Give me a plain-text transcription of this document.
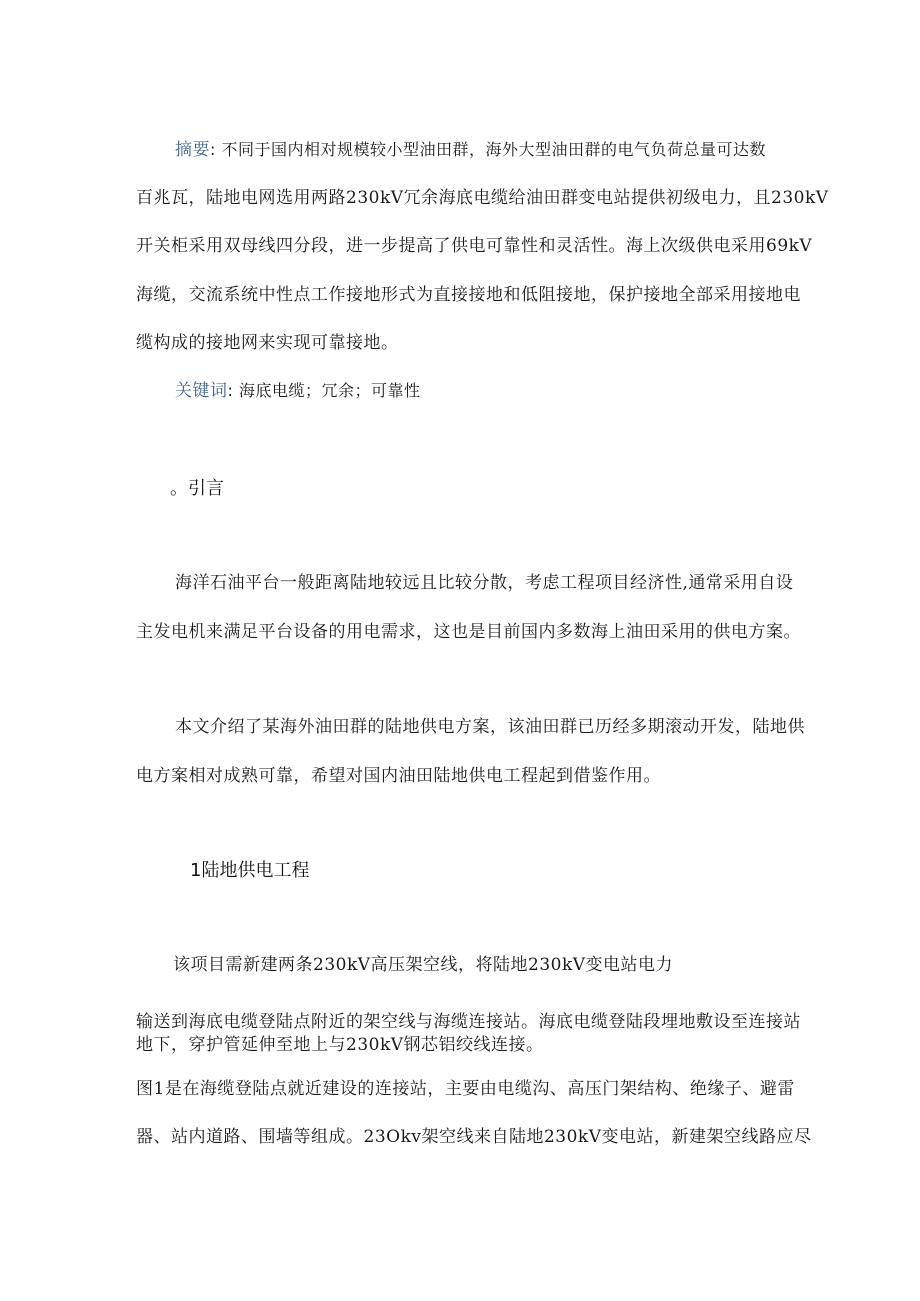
摘要: 不同于国内相对规模较小型油田群，海外大型油田群的电气负荷总量可达数
百兆瓦，陆地电网选用两路230kV冗余海底电缆给油田群变电站提供初级电力，且230kV
开关柜采用双母线四分段，进一步提高了供电可靠性和灵活性。海上次级供电采用69kV
海缆，交流系统中性点工作接地形式为直接接地和低阻接地，保护接地全部采用接地电
缆构成的接地网来实现可靠接地。
关键词: 海底电缆；冗余；可靠性
。引言
海洋石油平台一般距离陆地较远且比较分散，考虑工程项目经济性,通常采用自设
主发电机来满足平台设备的用电需求，这也是目前国内多数海上油田采用的供电方案。
本文介绍了某海外油田群的陆地供电方案，该油田群已历经多期滚动开发，陆地供
电方案相对成熟可靠，希望对国内油田陆地供电工程起到借鉴作用。
1陆地供电工程
该项目需新建两条230kV高压架空线，将陆地230kV变电站电力
输送到海底电缆登陆点附近的架空线与海缆连接站。海底电缆登陆段埋地敷设至连接站
地下，穿护管延伸至地上与230kV钢芯铝绞线连接。
图1是在海缆登陆点就近建设的连接站，主要由电缆沟、高压门架结构、绝缘子、避雷
器、站内道路、围墙等组成。23Okv架空线来自陆地230kV变电站，新建架空线路应尽
